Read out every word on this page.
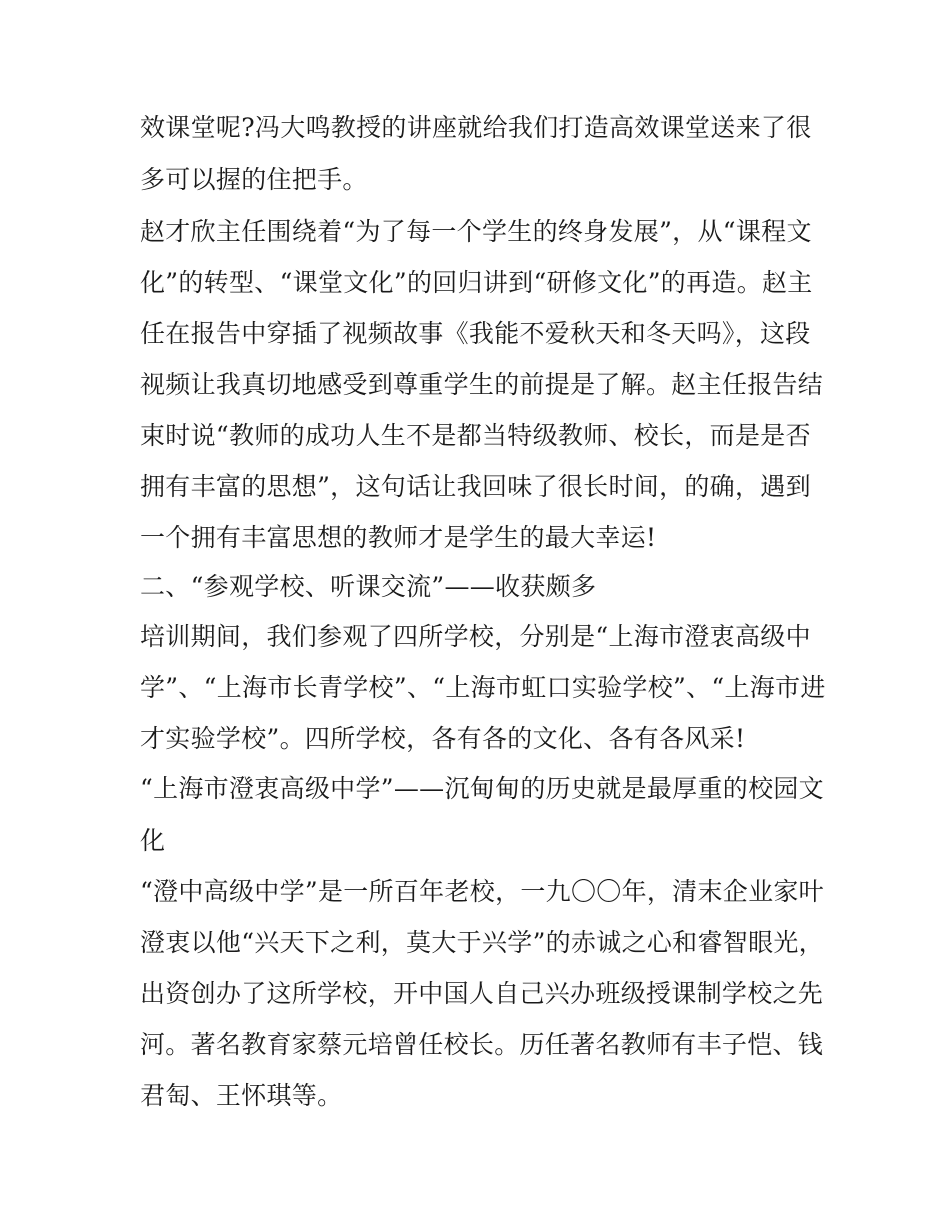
效课堂呢?冯大鸣教授的讲座就给我们打造高效课堂送来了很
多可以握的住把手。
赵才欣主任围绕着“为了每一个学生的终身发展”，从“课程文
化”的转型、“课堂文化”的回归讲到“研修文化”的再造。赵主
任在报告中穿插了视频故事《我能不爱秋天和冬天吗》，这段
视频让我真切地感受到尊重学生的前提是了解。赵主任报告结
束时说“教师的成功人生不是都当特级教师、校长，而是是否
拥有丰富的思想”，这句话让我回味了很长时间，的确，遇到
一个拥有丰富思想的教师才是学生的最大幸运!
二、“参观学校、听课交流”——收获颇多
培训期间，我们参观了四所学校，分别是“上海市澄衷高级中
学”、“上海市长青学校”、“上海市虹口实验学校”、“上海市进
才实验学校”。四所学校，各有各的文化、各有各风采!
“上海市澄衷高级中学”——沉甸甸的历史就是最厚重的校园文
化
“澄中高级中学”是一所百年老校，一九〇〇年，清末企业家叶
澄衷以他“兴天下之利，莫大于兴学”的赤诚之心和睿智眼光，
出资创办了这所学校，开中国人自己兴办班级授课制学校之先
河。著名教育家蔡元培曾任校长。历任著名教师有丰子恺、钱
君匋、王怀琪等。
